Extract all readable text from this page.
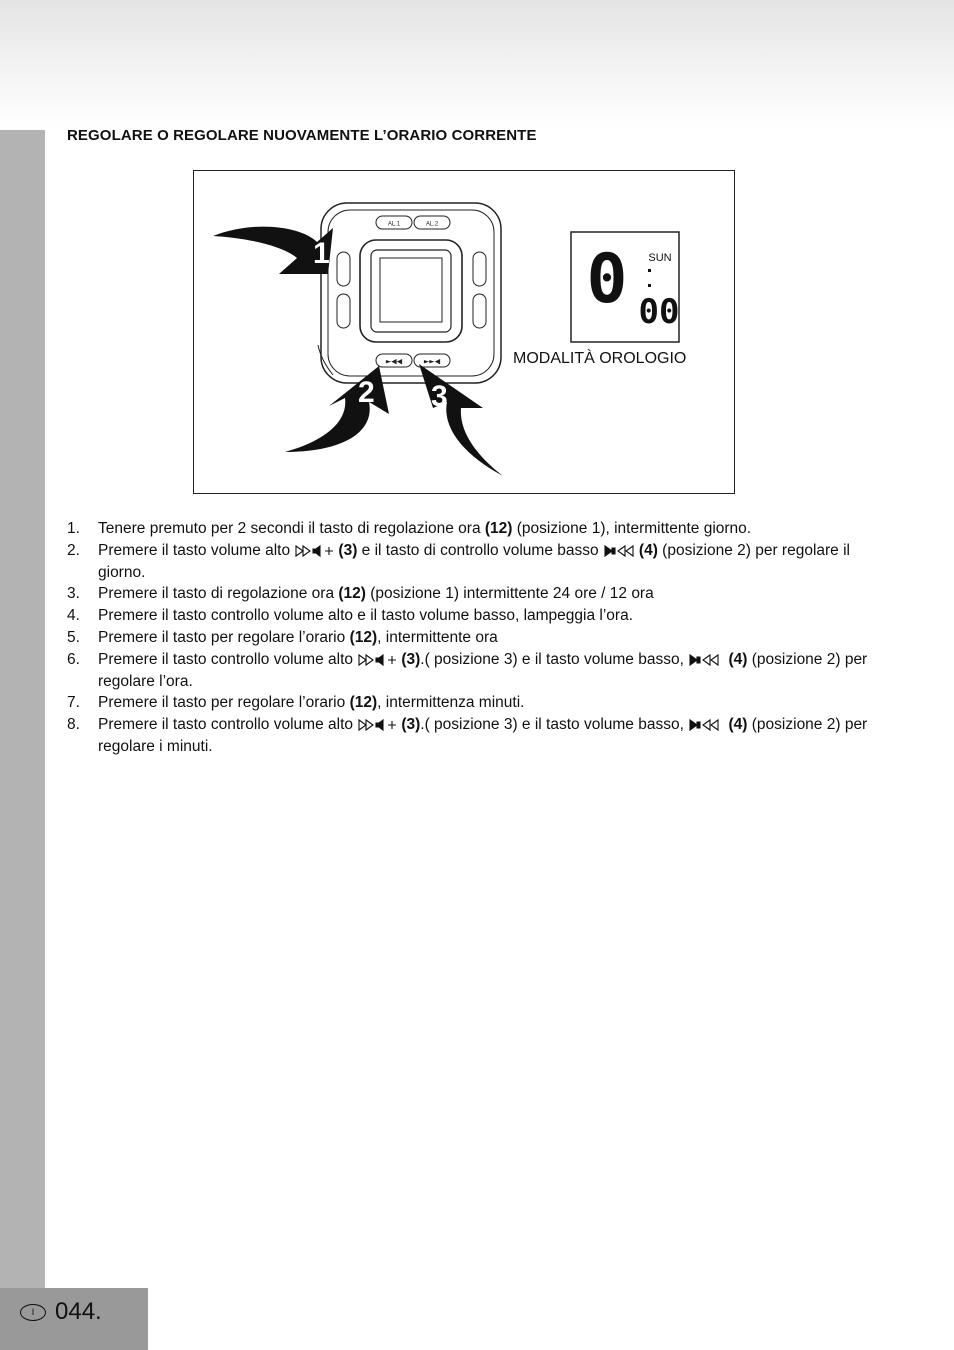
REGOLARE O REGOLARE NUOVAMENTE L’ORARIO CORRENTE
AL.1	AL.2
►◀◀	►►◀
1
2 3
0 SUN
00
MODALITÀ OROLOGIO
1. Tenere premuto per 2 secondi il tasto di regolazione ora (12) (posizione 1), intermittente giorno.
2. Premere il tasto volume alto	(3) e il tasto di controllo volume basso (4) (posizione 2) per regolare il giorno.
3. Premere il tasto di regolazione ora (12) (posizione 1) intermittente 24 ore / 12 ora
4. Premere il tasto controllo volume alto e il tasto volume basso, lampeggia l’ora.
5. Premere il tasto per regolare l’orario (12), intermittente ora
6. Premere il tasto controllo volume alto	(3).( posizione 3) e il tasto volume basso,	(4) (posizione 2) per regolare l’ora.
7. Premere il tasto per regolare l’orario (12), intermittenza minuti.
8. Premere il tasto controllo volume alto	(3).( posizione 3) e il tasto volume basso,	(4) (posizione 2) per regolare i minuti.
I 044.
